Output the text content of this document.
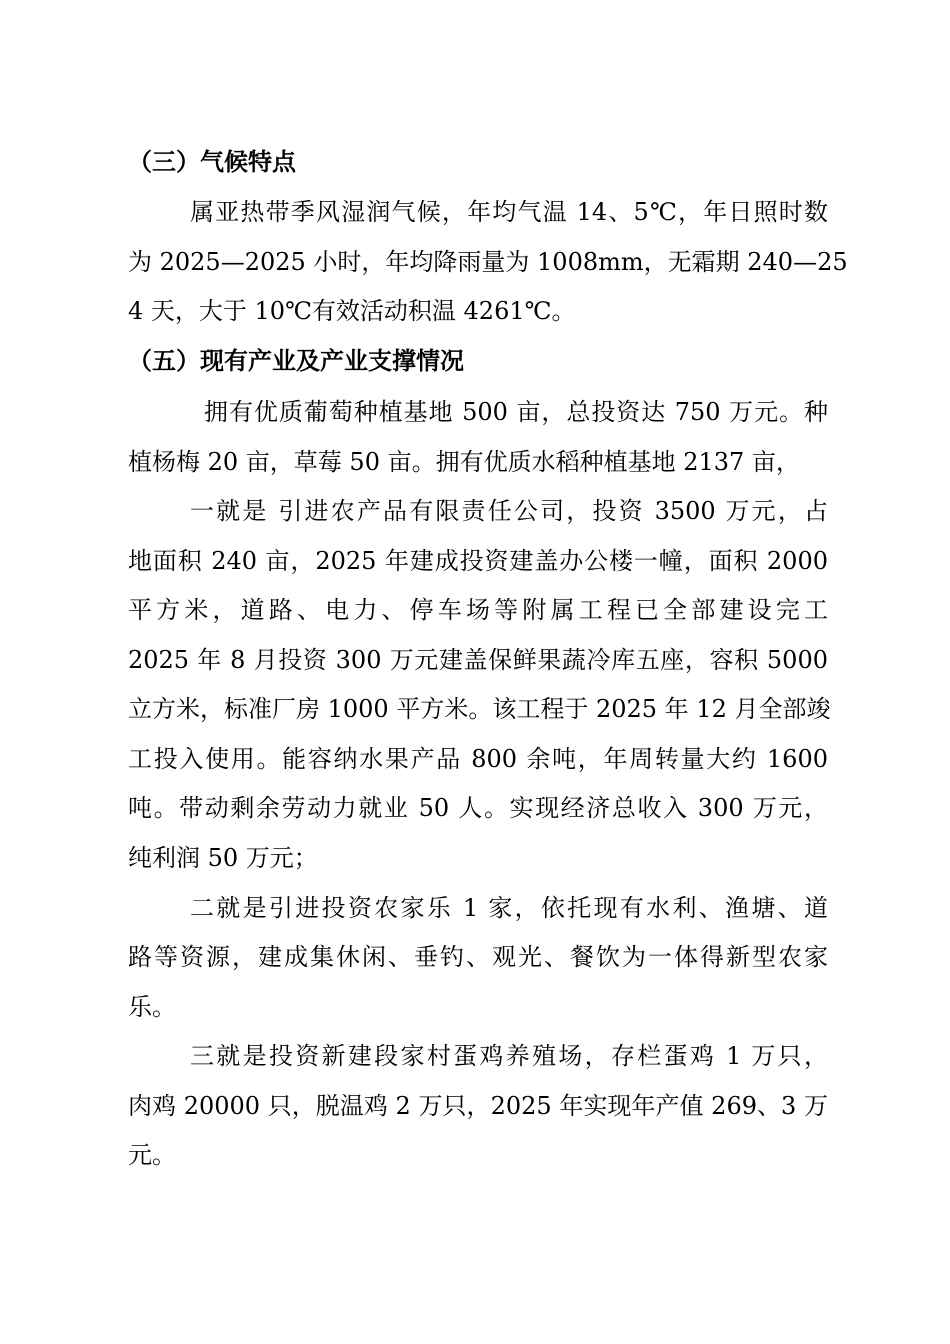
（三）气候特点
属亚热带季风湿润气候，年均气温 14、5℃，年日照时数
为 2025—2025 小时，年均降雨量为 1008mm，无霜期 240—25
4 天，大于 10℃有效活动积温 4261℃。
（五）现有产业及产业支撑情况
拥有优质葡萄种植基地 500 亩，总投资达 750 万元。种
植杨梅 20 亩，草莓 50 亩。拥有优质水稻种植基地 2137 亩，
一就是 引进农产品有限责任公司，投资 3500 万元，占
地面积 240 亩，2025 年建成投资建盖办公楼一幢，面积 2000
平方米，道路、电力、停车场等附属工程已全部建设完工
2025 年 8 月投资 300 万元建盖保鲜果蔬冷库五座，容积 5000
立方米，标准厂房 1000 平方米。该工程于 2025 年 12 月全部竣
工投入使用。能容纳水果产品 800 余吨，年周转量大约 1600
吨。带动剩余劳动力就业 50 人。实现经济总收入 300 万元，
纯利润 50 万元；
二就是引进投资农家乐 1 家，依托现有水利、渔塘、道
路等资源，建成集休闲、垂钓、观光、餐饮为一体得新型农家
乐。
三就是投资新建段家村蛋鸡养殖场，存栏蛋鸡 1 万只，
肉鸡 20000 只，脱温鸡 2 万只，2025 年实现年产值 269、3 万
元。
